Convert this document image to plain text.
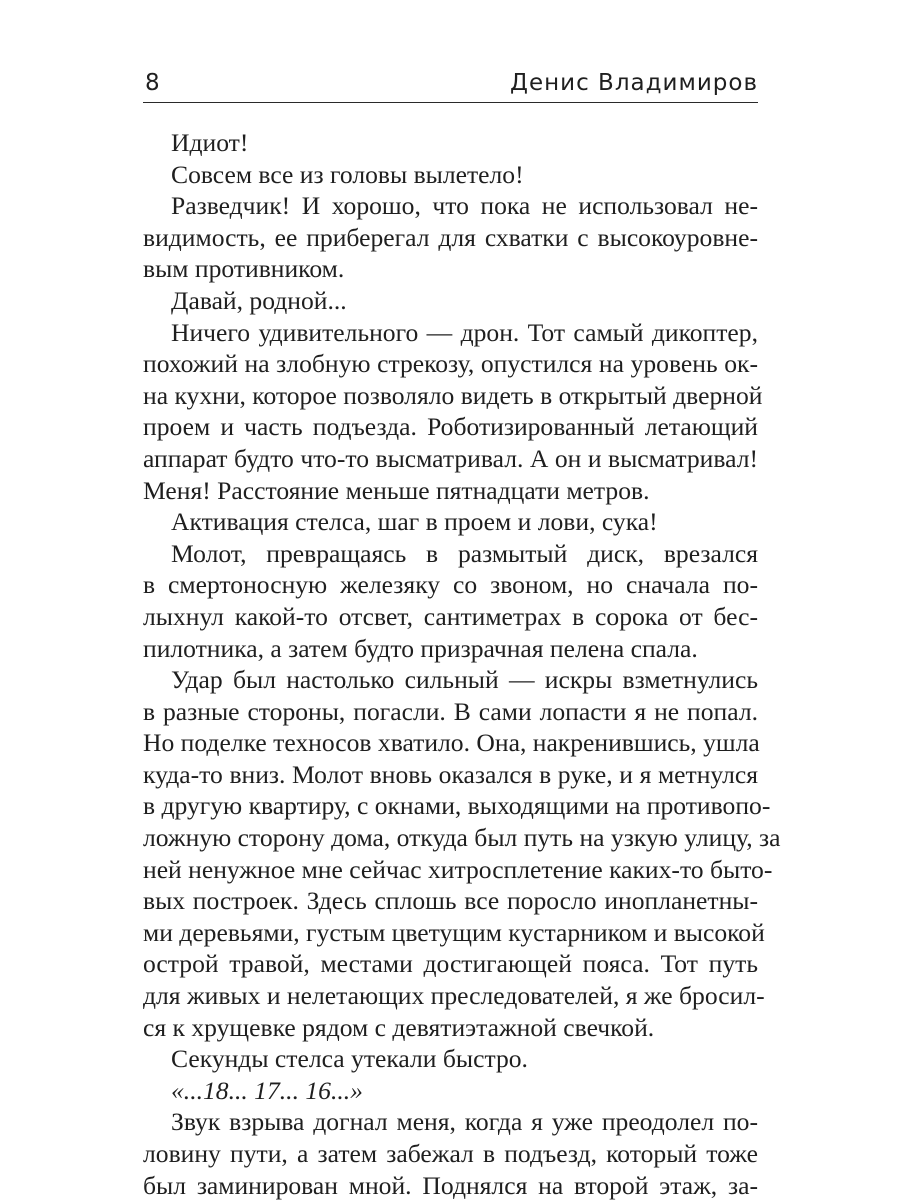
8	Денис Владимиров
Идиот!
Совсем все из головы вылетело!
Разведчик! И хорошо, что пока не использовал не-
видимость, ее приберегал для схватки с высокоуровне-
вым противником.
Давай, родной...
Ничего удивительного — дрон. Тот самый дикоптер,
похожий на злобную стрекозу, опустился на уровень ок-
на кухни, которое позволяло видеть в открытый дверной
проем и часть подъезда. Роботизированный летающий
аппарат будто что-то высматривал. А он и высматривал!
Меня! Расстояние меньше пятнадцати метров.
Активация стелса, шаг в проем и лови, сука!
Молот, превращаясь в размытый диск, врезался
в смертоносную железяку со звоном, но сначала по-
лыхнул какой-то отсвет, сантиметрах в сорока от бес-
пилотника, а затем будто призрачная пелена спала.
Удар был настолько сильный — искры взметнулись
в разные стороны, погасли. В сами лопасти я не попал.
Но поделке техносов хватило. Она, накренившись, ушла
куда-то вниз. Молот вновь оказался в руке, и я метнулся
в другую квартиру, с окнами, выходящими на противопо-
ложную сторону дома, откуда был путь на узкую улицу, за
ней ненужное мне сейчас хитросплетение каких-то быто-
вых построек. Здесь сплошь все поросло инопланетны-
ми деревьями, густым цветущим кустарником и высокой
острой травой, местами достигающей пояса. Тот путь
для живых и нелетающих преследователей, я же бросил-
ся к хрущевке рядом с девятиэтажной свечкой.
Секунды стелса утекали быстро.
«...18... 17... 16...»
Звук взрыва догнал меня, когда я уже преодолел по-
ловину пути, а затем забежал в подъезд, который тоже
был заминирован мной. Поднялся на второй этаж, за-
